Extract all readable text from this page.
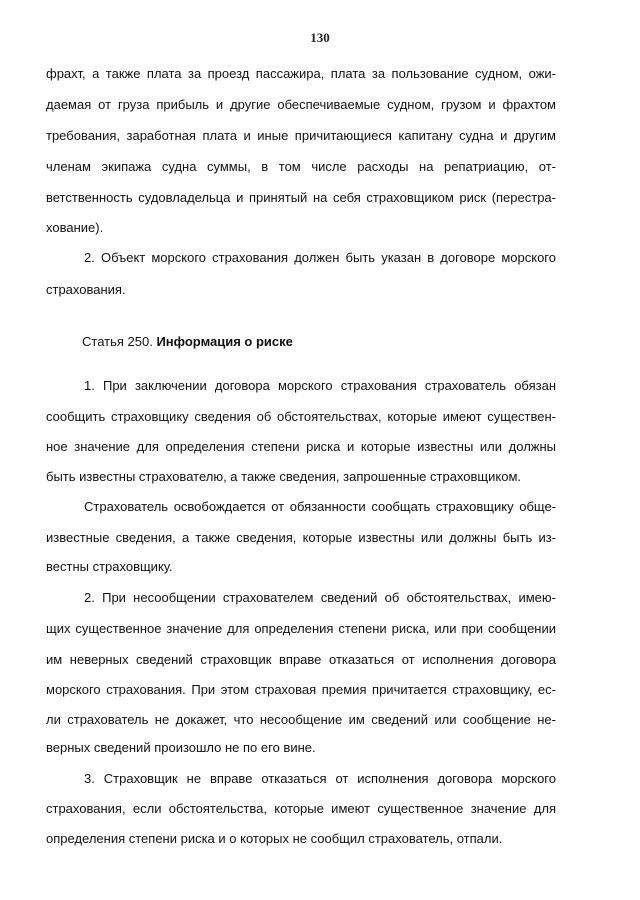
130
фрахт, а также плата за проезд пассажира, плата за пользование судном, ожи-
даемая от груза прибыль и другие обеспечиваемые судном, грузом и фрахтом
требования, заработная плата и иные причитающиеся капитану судна и другим
членам экипажа судна суммы, в том числе расходы на репатриацию, от-
ветственность судовладельца и принятый на себя страховщиком риск (перестра-
хование).
2. Объект морского страхования должен быть указан в договоре морского
страхования.
Статья 250. Информация о риске
1. При заключении договора морского страхования страхователь обязан
сообщить страховщику сведения об обстоятельствах, которые имеют существен-
ное значение для определения степени риска и которые известны или должны
быть известны страхователю, а также сведения, запрошенные страховщиком.
Страхователь освобождается от обязанности сообщать страховщику обще-
известные сведения, а также сведения, которые известны или должны быть из-
вестны страховщику.
2. При несообщении страхователем сведений об обстоятельствах, имею-
щих существенное значение для определения степени риска, или при сообщении
им неверных сведений страховщик вправе отказаться от исполнения договора
морского страхования. При этом страховая премия причитается страховщику, ес-
ли страхователь не докажет, что несообщение им сведений или сообщение не-
верных сведений произошло не по его вине.
3. Страховщик не вправе отказаться от исполнения договора морского
страхования, если обстоятельства, которые имеют существенное значение для
определения степени риска и о которых не сообщил страхователь, отпали.
